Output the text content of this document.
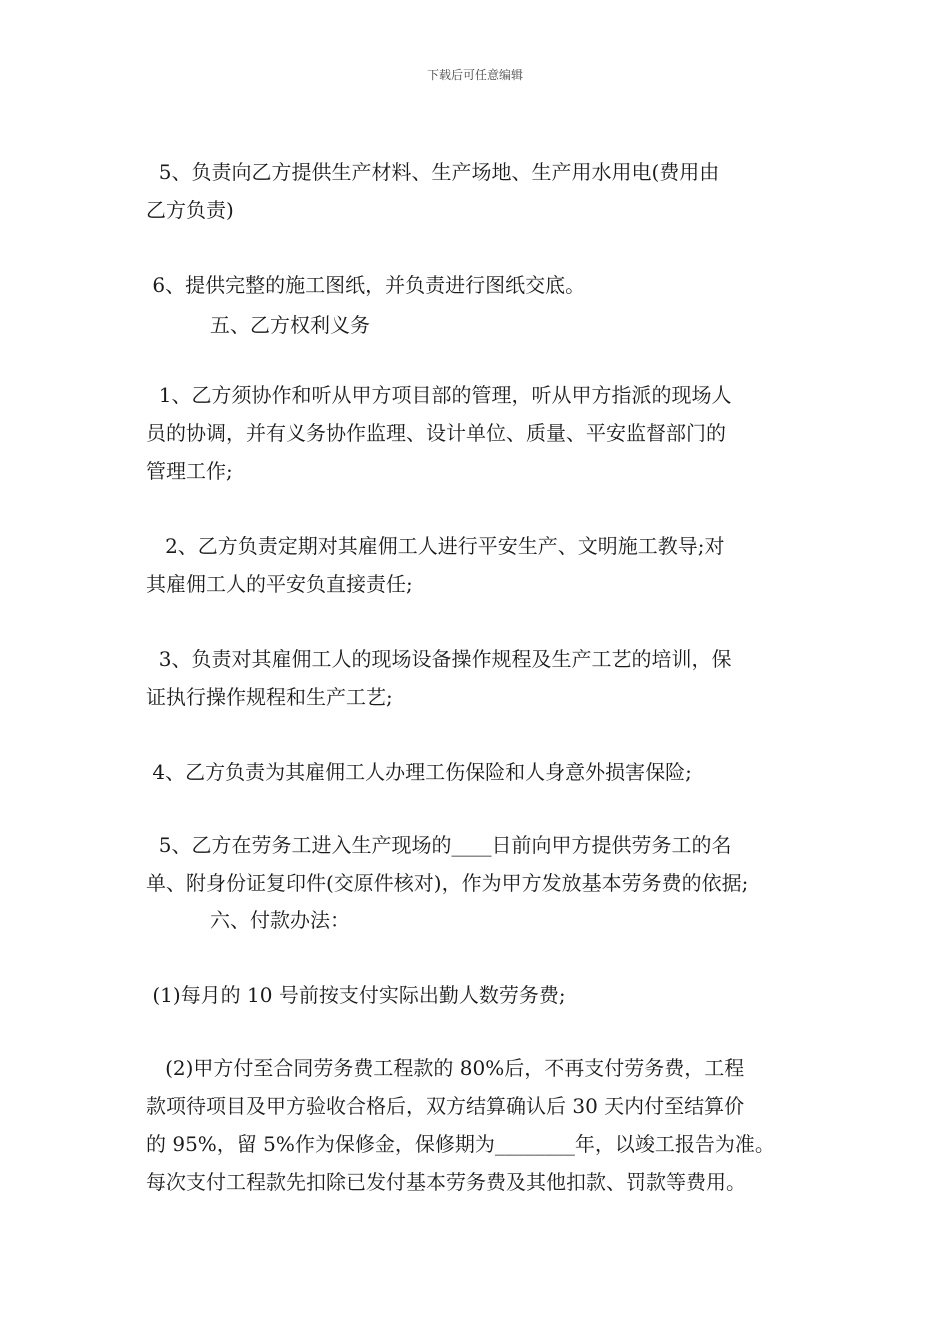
下载后可任意编辑
5、负责向乙方提供生产材料、生产场地、生产用水用电(费用由
乙方负责)
6、提供完整的施工图纸，并负责进行图纸交底。
五、乙方权利义务
1、乙方须协作和听从甲方项目部的管理，听从甲方指派的现场人
员的协调，并有义务协作监理、设计单位、质量、平安监督部门的
管理工作;
2、乙方负责定期对其雇佣工人进行平安生产、文明施工教导;对
其雇佣工人的平安负直接责任;
3、负责对其雇佣工人的现场设备操作规程及生产工艺的培训，保
证执行操作规程和生产工艺;
4、乙方负责为其雇佣工人办理工伤保险和人身意外损害保险;
5、乙方在劳务工进入生产现场的____日前向甲方提供劳务工的名
单、附身份证复印件(交原件核对)，作为甲方发放基本劳务费的依据;
六、付款办法：
(1)每月的 10 号前按支付实际出勤人数劳务费;
(2)甲方付至合同劳务费工程款的 80%后，不再支付劳务费，工程
款项待项目及甲方验收合格后，双方结算确认后 30 天内付至结算价
的 95%，留 5%作为保修金，保修期为________年，以竣工报告为准。
每次支付工程款先扣除已发付基本劳务费及其他扣款、罚款等费用。
